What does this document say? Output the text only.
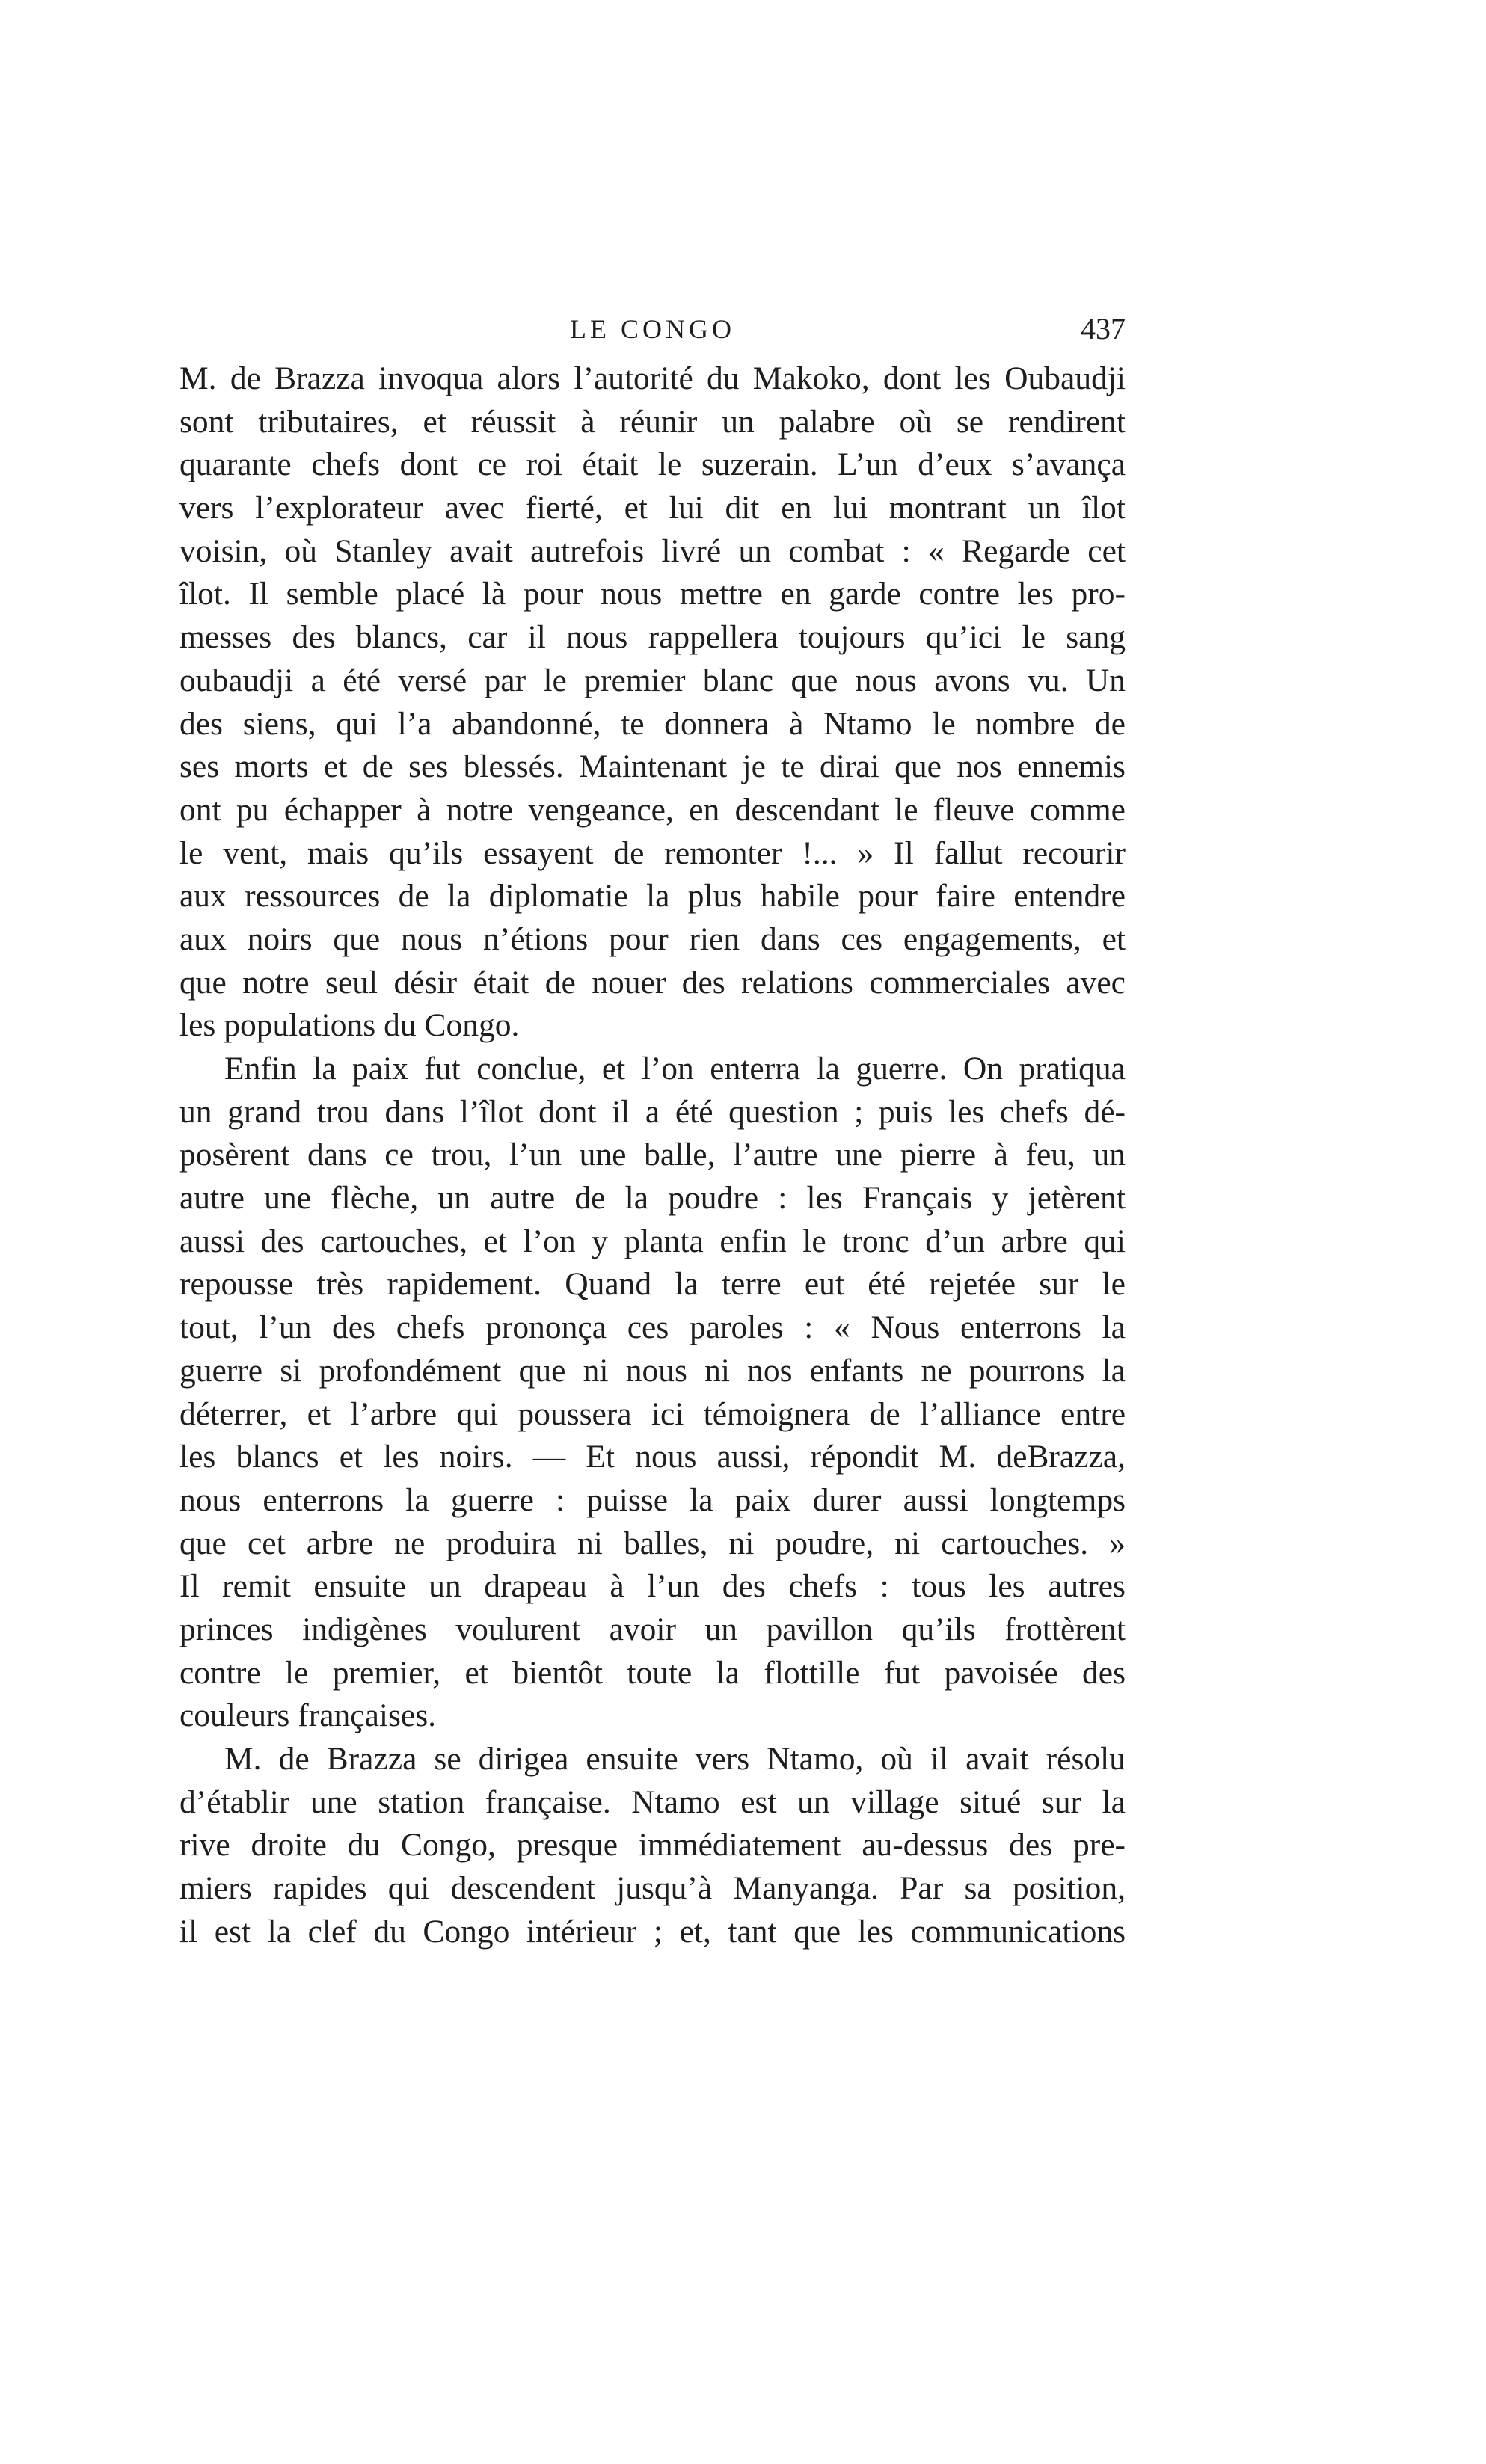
LE CONGO	437
M. de Brazza invoqua alors l’autorité du Makoko, dont les Oubaudji
sont tributaires, et réussit à réunir un palabre où se rendirent
quarante chefs dont ce roi était le suzerain. L’un d’eux s’avança
vers l’explorateur avec fierté, et lui dit en lui montrant un îlot
voisin, où Stanley avait autrefois livré un combat : « Regarde cet
îlot. Il semble placé là pour nous mettre en garde contre les pro-
messes des blancs, car il nous rappellera toujours qu’ici le sang
oubaudji a été versé par le premier blanc que nous avons vu. Un
des siens, qui l’a abandonné, te donnera à Ntamo le nombre de
ses morts et de ses blessés. Maintenant je te dirai que nos ennemis
ont pu échapper à notre vengeance, en descendant le fleuve comme
le vent, mais qu’ils essayent de remonter !... » Il fallut recourir
aux ressources de la diplomatie la plus habile pour faire entendre
aux noirs que nous n’étions pour rien dans ces engagements, et
que notre seul désir était de nouer des relations commerciales avec
les populations du Congo.
Enfin la paix fut conclue, et l’on enterra la guerre. On pratiqua
un grand trou dans l’îlot dont il a été question ; puis les chefs dé-
posèrent dans ce trou, l’un une balle, l’autre une pierre à feu, un
autre une flèche, un autre de la poudre : les Français y jetèrent
aussi des cartouches, et l’on y planta enfin le tronc d’un arbre qui
repousse très rapidement. Quand la terre eut été rejetée sur le
tout, l’un des chefs prononça ces paroles : « Nous enterrons la
guerre si profondément que ni nous ni nos enfants ne pourrons la
déterrer, et l’arbre qui poussera ici témoignera de l’alliance entre
les blancs et les noirs. — Et nous aussi, répondit M. deBrazza,
nous enterrons la guerre : puisse la paix durer aussi longtemps
que cet arbre ne produira ni balles, ni poudre, ni cartouches. »
Il remit ensuite un drapeau à l’un des chefs : tous les autres
princes indigènes voulurent avoir un pavillon qu’ils frottèrent
contre le premier, et bientôt toute la flottille fut pavoisée des
couleurs françaises.
M. de Brazza se dirigea ensuite vers Ntamo, où il avait résolu
d’établir une station française. Ntamo est un village situé sur la
rive droite du Congo, presque immédiatement au-dessus des pre-
miers rapides qui descendent jusqu’à Manyanga. Par sa position,
il est la clef du Congo intérieur ; et, tant que les communications
